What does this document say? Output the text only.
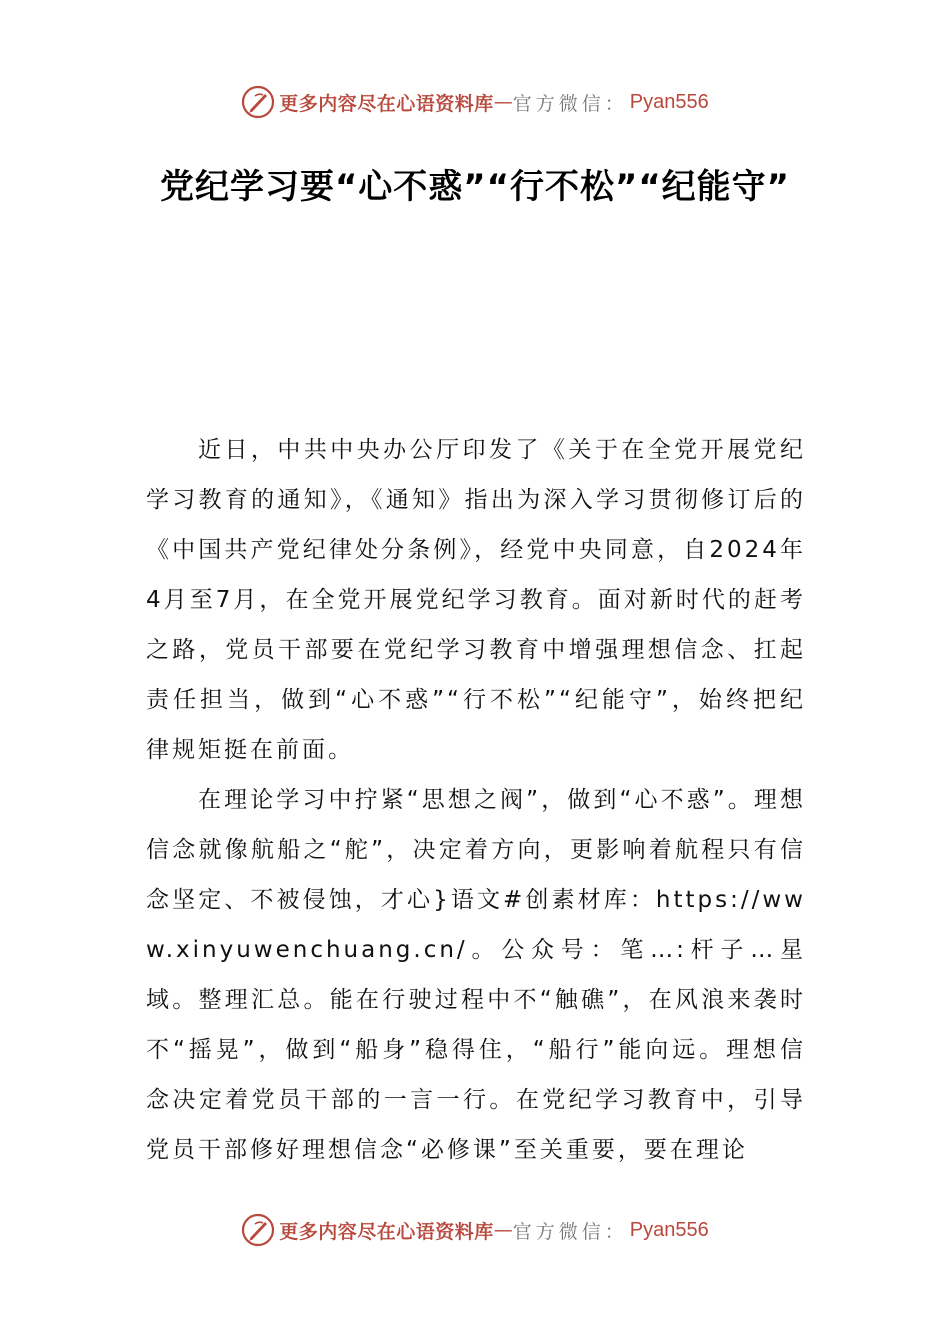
更多内容尽在心语资料库 — 官方微信： Pyan556
党纪学习要“心不惑”“行不松”“纪能守”

近日，中共中央办公厅印发了《关于在全党开展党纪学习教育的通知》，《通知》指出为深入学习贯彻修订后的《中国共产党纪律处分条例》，经党中央同意，自2024年4月至7月，在全党开展党纪学习教育。面对新时代的赶考之路，党员干部要在党纪学习教育中增强理想信念、扛起责任担当，做到“心不惑”“行不松”“纪能守”，始终把纪律规矩挺在前面。

在理论学习中拧紧“思想之阀”，做到“心不惑”。理想信念就像航船之“舵”，决定着方向，更影响着航程只有信念坚定、不被侵蚀，才心}语文#创素材库：https://www.xinyuwenchuang.cn/。公众号：笔…:杆子…星域。整理汇总。能在行驶过程中不“触礁”，在风浪来袭时不“摇晃”，做到“船身”稳得住，“船行”能向远。理想信念决定着党员干部的一言一行。在党纪学习教育中，引导党员干部修好理想信念“必修课”至关重要，要在理论

更多内容尽在心语资料库 — 官方微信： Pyan556
